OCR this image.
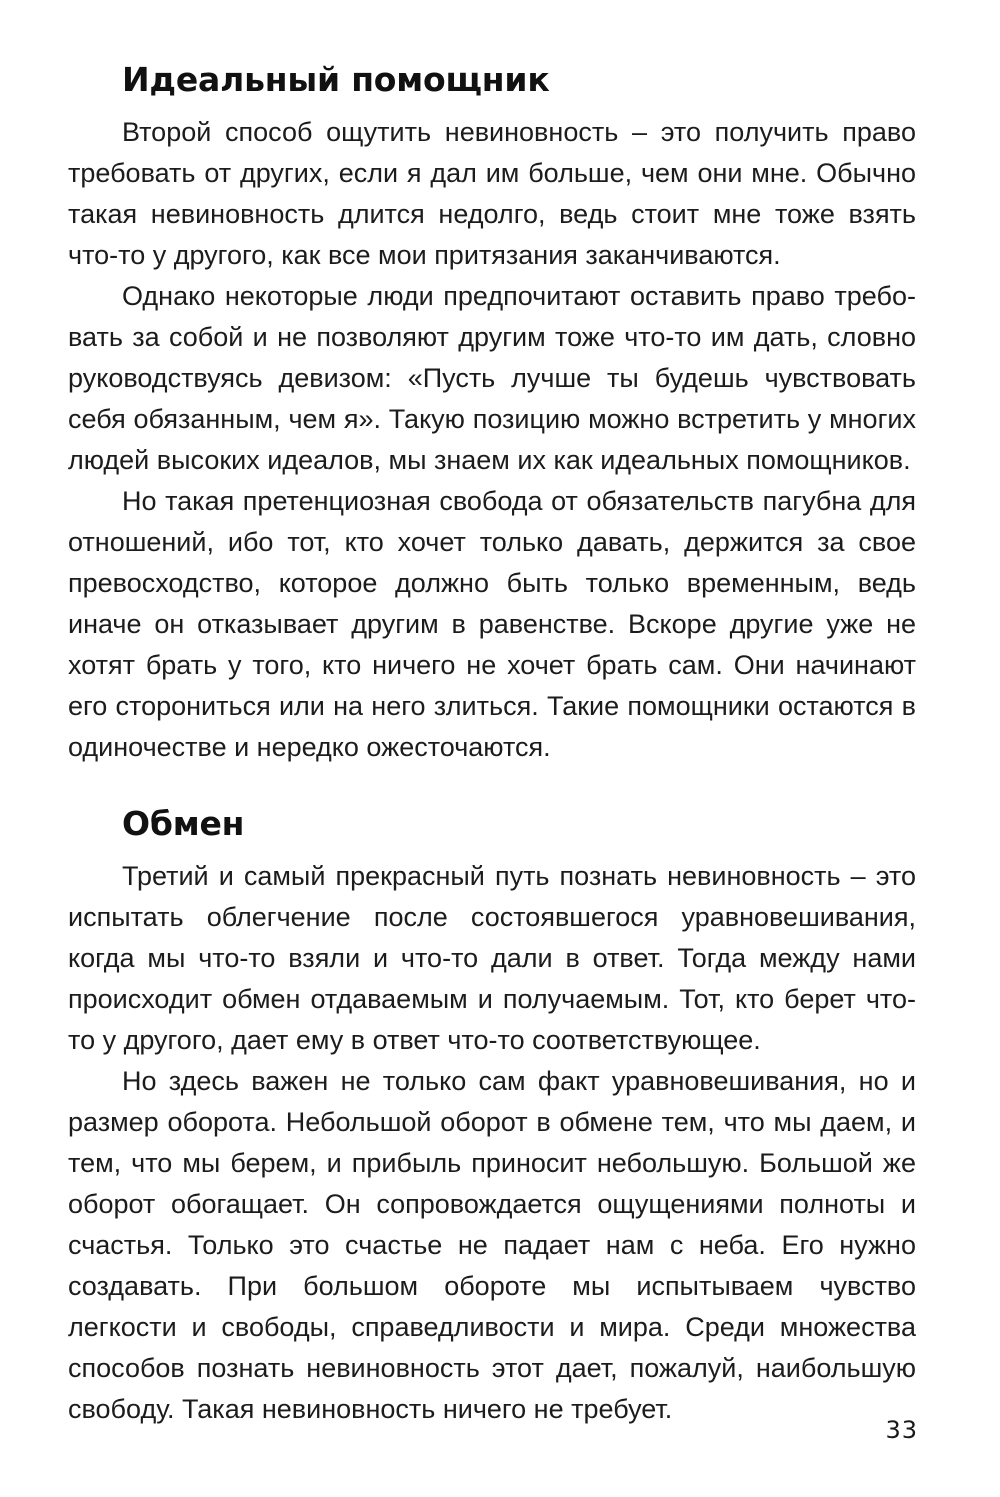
Идеальный помощник

Второй способ ощутить невиновность – это получить право требовать от других, если я дал им больше, чем они мне. Обычно такая невиновность длится недолго, ведь стоит мне тоже взять что-то у другого, как все мои притязания заканчиваются.

Однако некоторые люди предпочитают оставить право требовать за собой и не позволяют другим тоже что-то им дать, словно руководствуясь девизом: «Пусть лучше ты будешь чувствовать себя обязанным, чем я». Такую позицию можно встретить у многих людей высоких идеалов, мы знаем их как идеальных помощников.

Но такая претенциозная свобода от обязательств пагубна для отношений, ибо тот, кто хочет только давать, держится за свое превосходство, которое должно быть только временным, ведь иначе он отказывает другим в равенстве. Вскоре другие уже не хотят брать у того, кто ничего не хочет брать сам. Они начинают его сторониться или на него злиться. Такие помощники остаются в одиночестве и нередко ожесточаются.

Обмен

Третий и самый прекрасный путь познать невиновность – это испытать облегчение после состоявшегося уравновешивания, когда мы что-то взяли и что-то дали в ответ. Тогда между нами происходит обмен отдаваемым и получаемым. Тот, кто берет что-то у другого, дает ему в ответ что-то соответствующее.

Но здесь важен не только сам факт уравновешивания, но и размер оборота. Небольшой оборот в обмене тем, что мы даем, и тем, что мы берем, и прибыль приносит небольшую. Большой же оборот обогащает. Он сопровождается ощущениями полноты и счастья. Только это счастье не падает нам с неба. Его нужно создавать. При большом обороте мы испытываем чувство легкости и свободы, справедливости и мира. Среди множества способов познать невиновность этот дает, пожалуй, наибольшую свободу. Такая невиновность ничего не требует.

33
